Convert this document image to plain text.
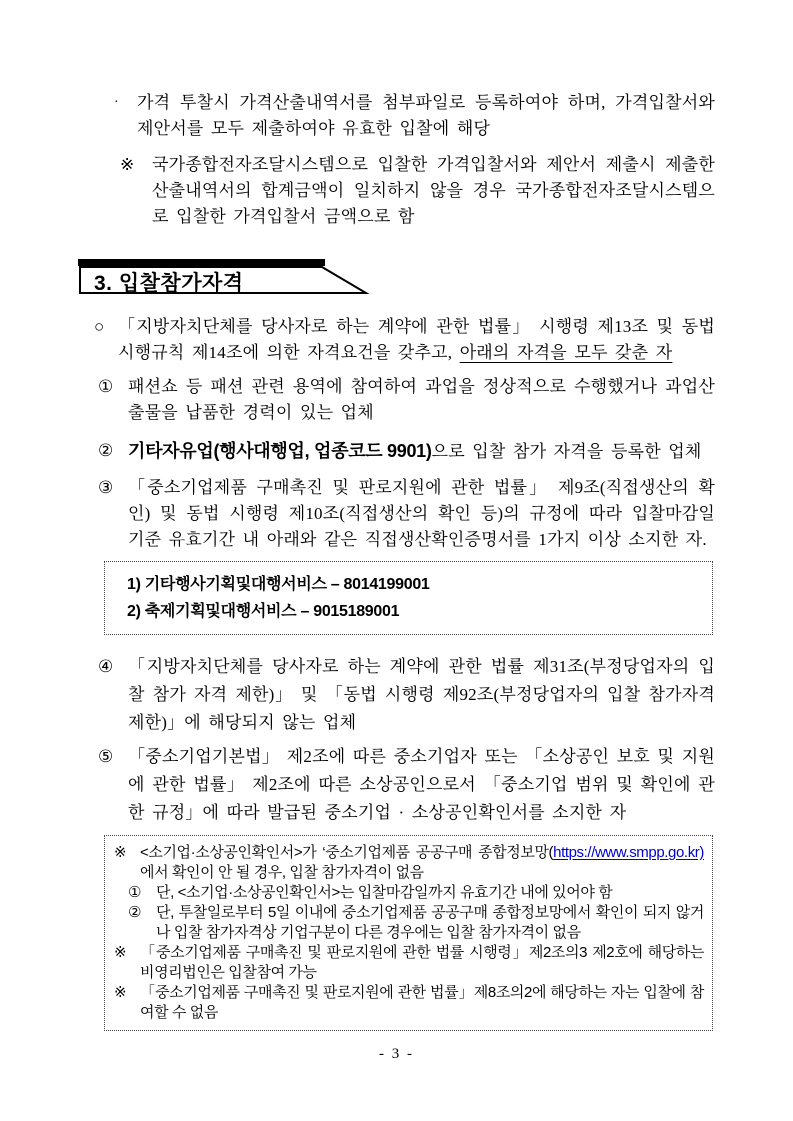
· 가격 투찰시 가격산출내역서를 첨부파일로 등록하여야 하며, 가격입찰서와 제안서를 모두 제출하여야 유효한 입찰에 해당
※ 국가종합전자조달시스템으로 입찰한 가격입찰서와 제안서 제출시 제출한 산출내역서의 합계금액이 일치하지 않을 경우 국가종합전자조달시스템으로 입찰한 가격입찰서 금액으로 함
3. 입찰참가자격
○ 「지방자치단체를 당사자로 하는 계약에 관한 법률」 시행령 제13조 및 동법 시행규칙 제14조에 의한 자격요건을 갖추고, 아래의 자격을 모두 갖춘 자
① 패션쇼 등 패션 관련 용역에 참여하여 과업을 정상적으로 수행했거나 과업산출물을 납품한 경력이 있는 업체
② 기타자유업(행사대행업, 업종코드 9901)으로 입찰 참가 자격을 등록한 업체
③ 「중소기업제품 구매촉진 및 판로지원에 관한 법률」 제9조(직접생산의 확인) 및 동법 시행령 제10조(직접생산의 확인 등)의 규정에 따라 입찰마감일 기준 유효기간 내 아래와 같은 직접생산확인증명서를 1가지 이상 소지한 자.
1) 기타행사기획및대행서비스 – 8014199001
2) 축제기획및대행서비스 – 9015189001
④ 「지방자치단체를 당사자로 하는 계약에 관한 법률 제31조(부정당업자의 입찰 참가 자격 제한)」 및 「동법 시행령 제92조(부정당업자의 입찰 참가자격 제한)」에 해당되지 않는 업체
⑤ 「중소기업기본법」 제2조에 따른 중소기업자 또는 「소상공인 보호 및 지원에 관한 법률」 제2조에 따른 소상공인으로서 「중소기업 범위 및 확인에 관한 규정」에 따라 발급된 중소기업 · 소상공인확인서를 소지한 자
※ <소기업·소상공인확인서>가 ‘중소기업제품 공공구매 종합정보망(https://www.smpp.go.kr) 에서 확인이 안 될 경우, 입찰 참가자격이 없음
① 단, <소기업·소상공인확인서>는 입찰마감일까지 유효기간 내에 있어야 함
② 단, 투찰일로부터 5일 이내에 중소기업제품 공공구매 종합정보망에서 확인이 되지 않거나 입찰 참가자격상 기업구분이 다른 경우에는 입찰 참가자격이 없음
※ 「중소기업제품 구매촉진 및 판로지원에 관한 법률 시행령」제2조의3 제2호에 해당하는 비영리법인은 입찰참여 가능
※ 「중소기업제품 구매촉진 및 판로지원에 관한 법률」제8조의2에 해당하는 자는 입찰에 참여할 수 없음
- 3 -
